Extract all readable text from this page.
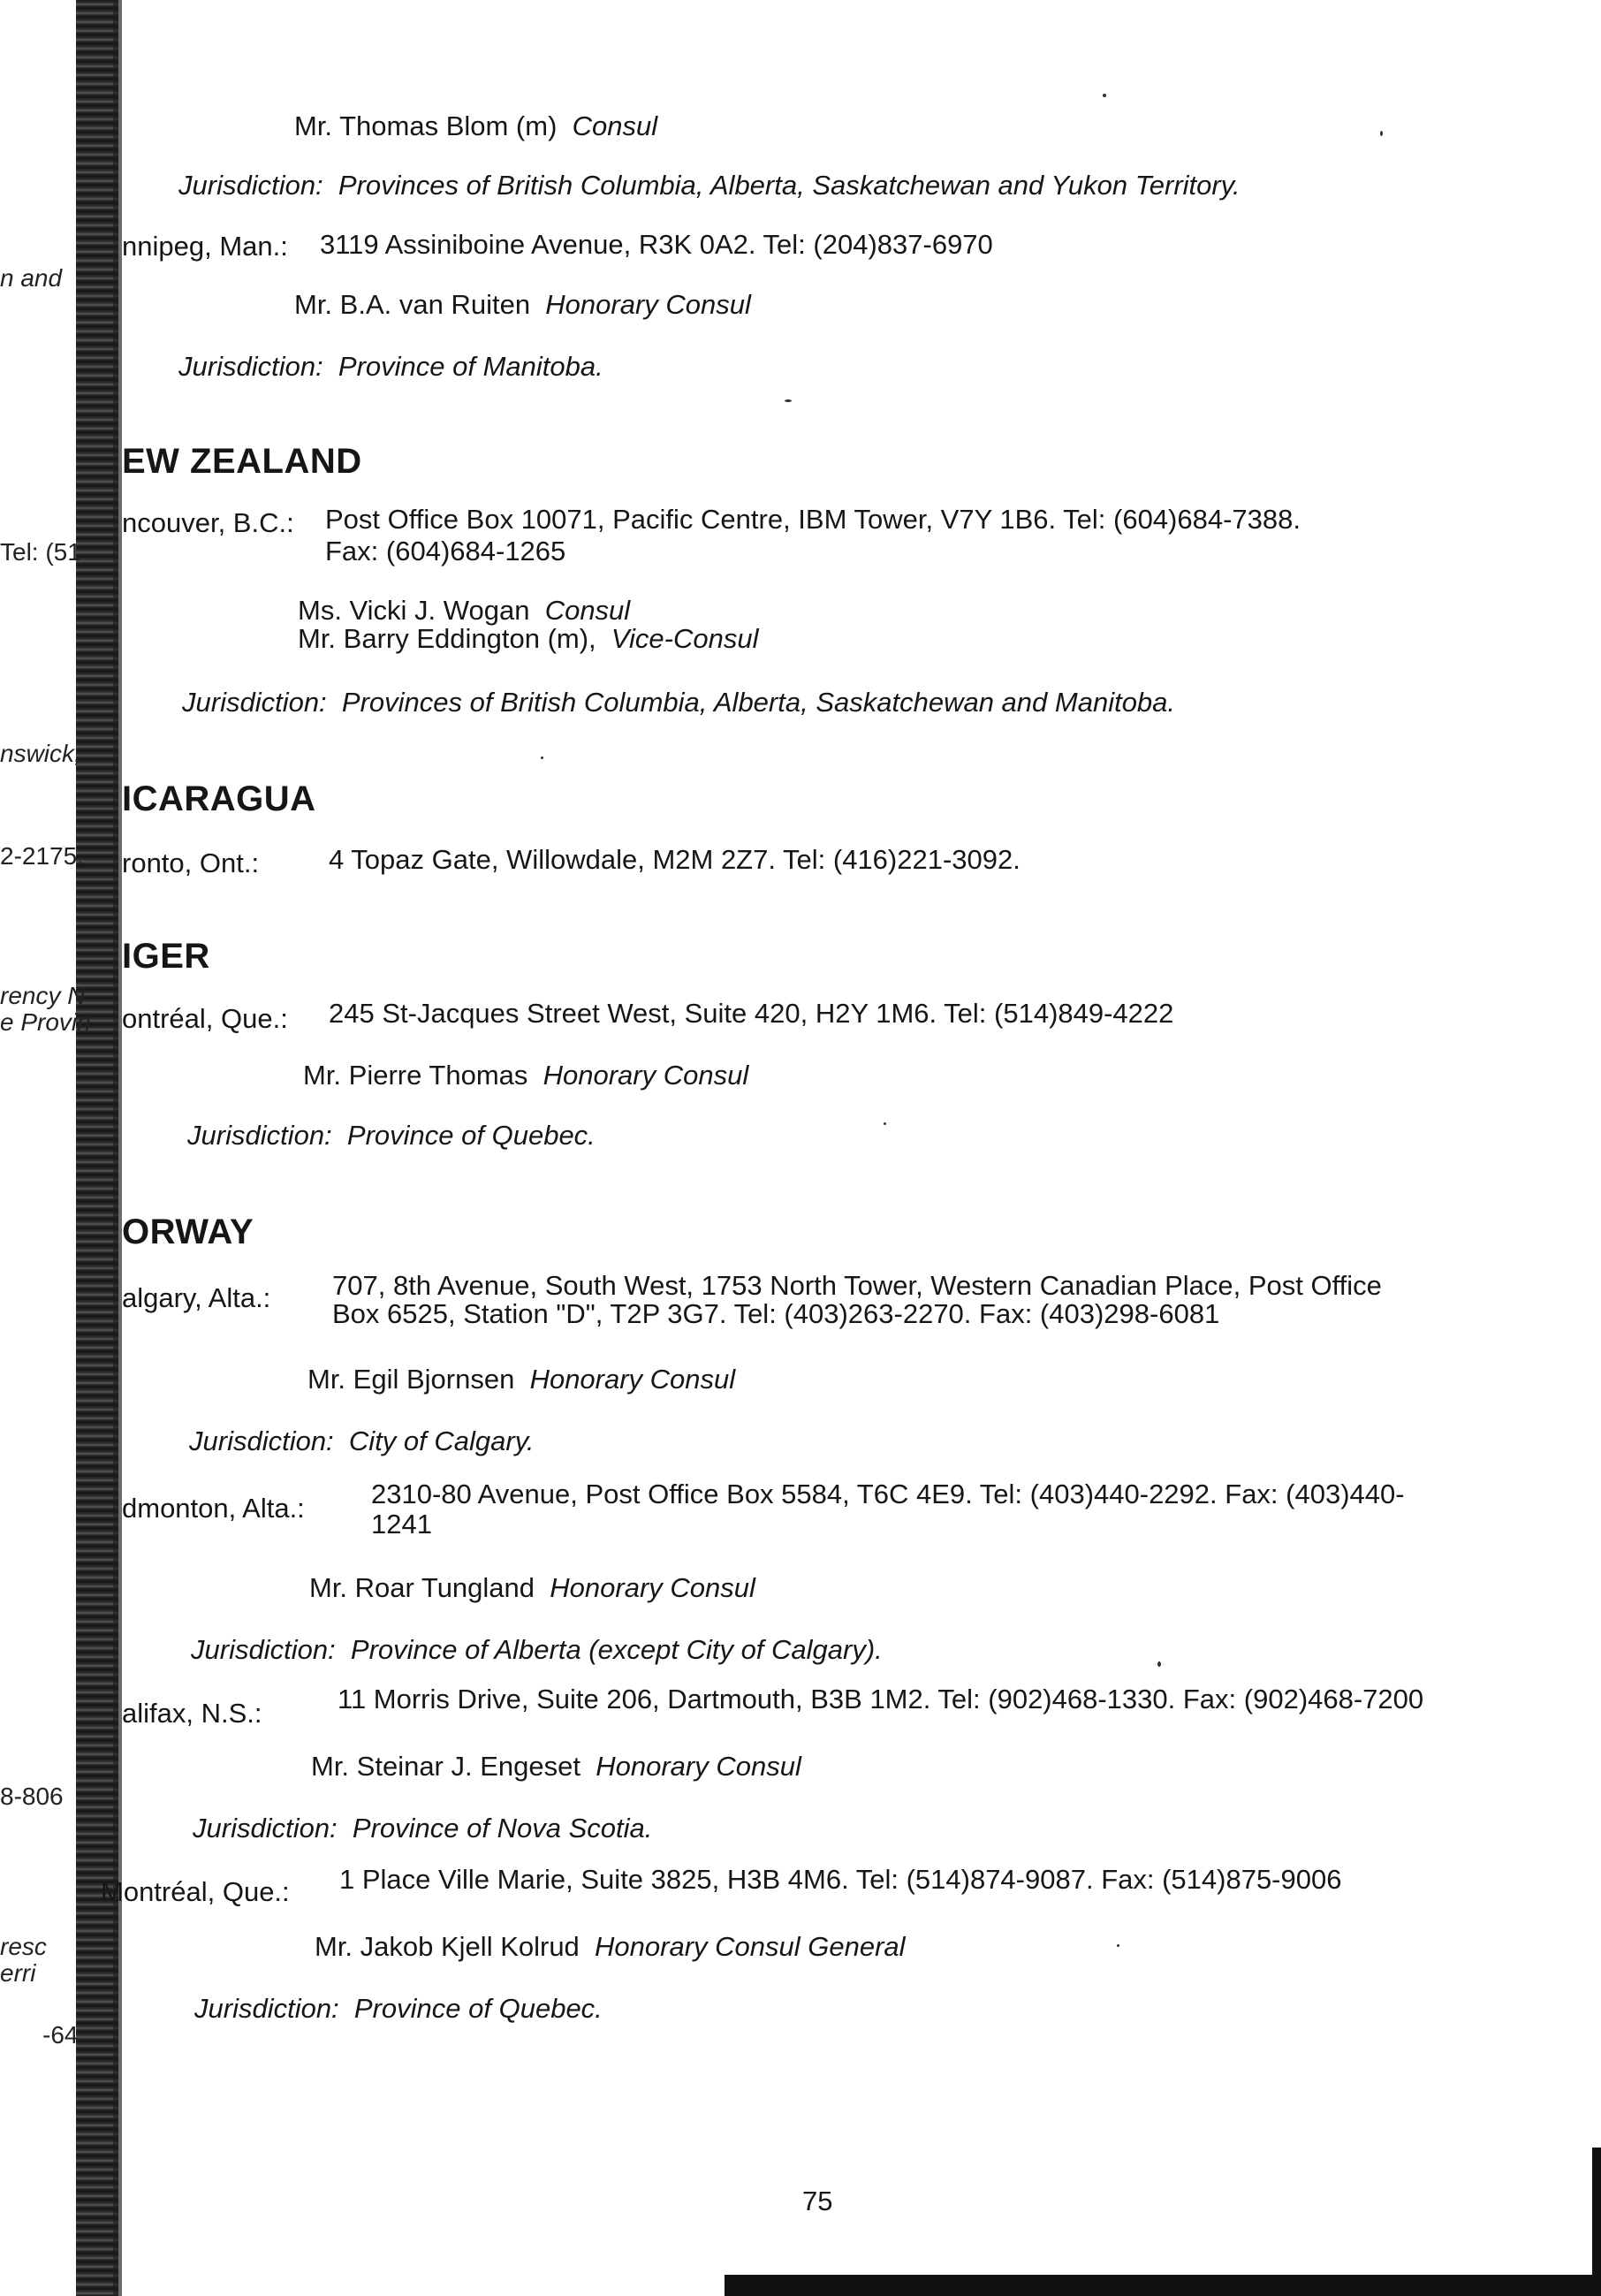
n and
Tel: (51
nswick,
2-2175.
rency N
e Provin
8-806
resc
erri
-64
Mr. Thomas Blom (m) Consul
Jurisdiction: Provinces of British Columbia, Alberta, Saskatchewan and Yukon Territory.
nnipeg, Man.: 3119 Assiniboine Avenue, R3K 0A2. Tel: (204)837-6970
Mr. B.A. van Ruiten Honorary Consul
Jurisdiction: Province of Manitoba.
EW ZEALAND
ncouver, B.C.: Post Office Box 10071, Pacific Centre, IBM Tower, V7Y 1B6. Tel: (604)684-7388.
Fax: (604)684-1265
Ms. Vicki J. Wogan Consul
Mr. Barry Eddington (m), Vice-Consul
Jurisdiction: Provinces of British Columbia, Alberta, Saskatchewan and Manitoba.
ICARAGUA
ronto, Ont.:	4 Topaz Gate, Willowdale, M2M 2Z7. Tel: (416)221-3092.
IGER
ontréal, Que.: 245 St-Jacques Street West, Suite 420, H2Y 1M6. Tel: (514)849-4222
Mr. Pierre Thomas Honorary Consul
Jurisdiction: Province of Quebec.
ORWAY
algary, Alta.: 707, 8th Avenue, South West, 1753 North Tower, Western Canadian Place, Post Office
Box 6525, Station "D", T2P 3G7. Tel: (403)263-2270. Fax: (403)298-6081
Mr. Egil Bjornsen Honorary Consul
Jurisdiction: City of Calgary.
dmonton, Alta.: 2310-80 Avenue, Post Office Box 5584, T6C 4E9. Tel: (403)440-2292. Fax: (403)440-
1241
Mr. Roar Tungland Honorary Consul
Jurisdiction: Province of Alberta (except City of Calgary).
alifax, N.S.:	11 Morris Drive, Suite 206, Dartmouth, B3B 1M2. Tel: (902)468-1330. Fax: (902)468-7200
Mr. Steinar J. Engeset Honorary Consul
Jurisdiction: Province of Nova Scotia.
Montréal, Que.: 1 Place Ville Marie, Suite 3825, H3B 4M6. Tel: (514)874-9087. Fax: (514)875-9006
Mr. Jakob Kjell Kolrud Honorary Consul General
Jurisdiction: Province of Quebec.
75
